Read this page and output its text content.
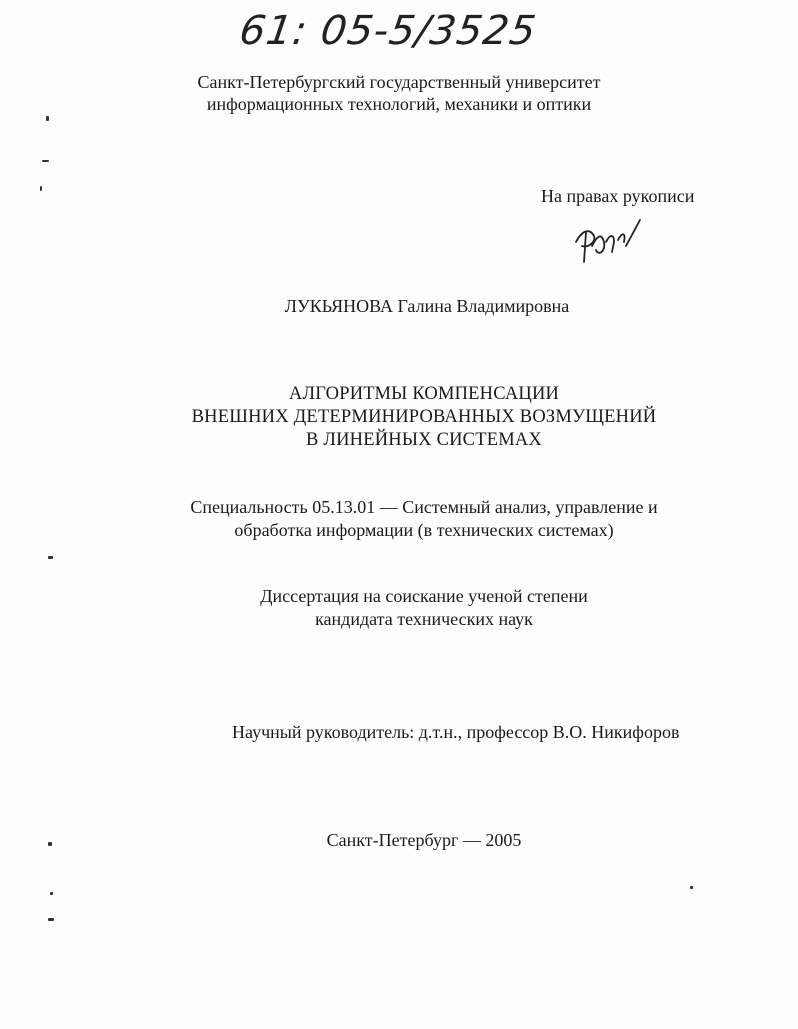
61: 05-5/3525
Санкт-Петербургский государственный университет
информационных технологий, механики и оптики
На правах рукописи
ЛУКЬЯНОВА Галина Владимировна
АЛГОРИТМЫ КОМПЕНСАЦИИ
ВНЕШНИХ ДЕТЕРМИНИРОВАННЫХ ВОЗМУЩЕНИЙ
В ЛИНЕЙНЫХ СИСТЕМАХ
Специальность 05.13.01 — Системный анализ, управление и
обработка информации (в технических системах)
Диссертация на соискание ученой степени
кандидата технических наук
Научный руководитель: д.т.н., профессор В.О. Никифоров
Санкт-Петербург — 2005
